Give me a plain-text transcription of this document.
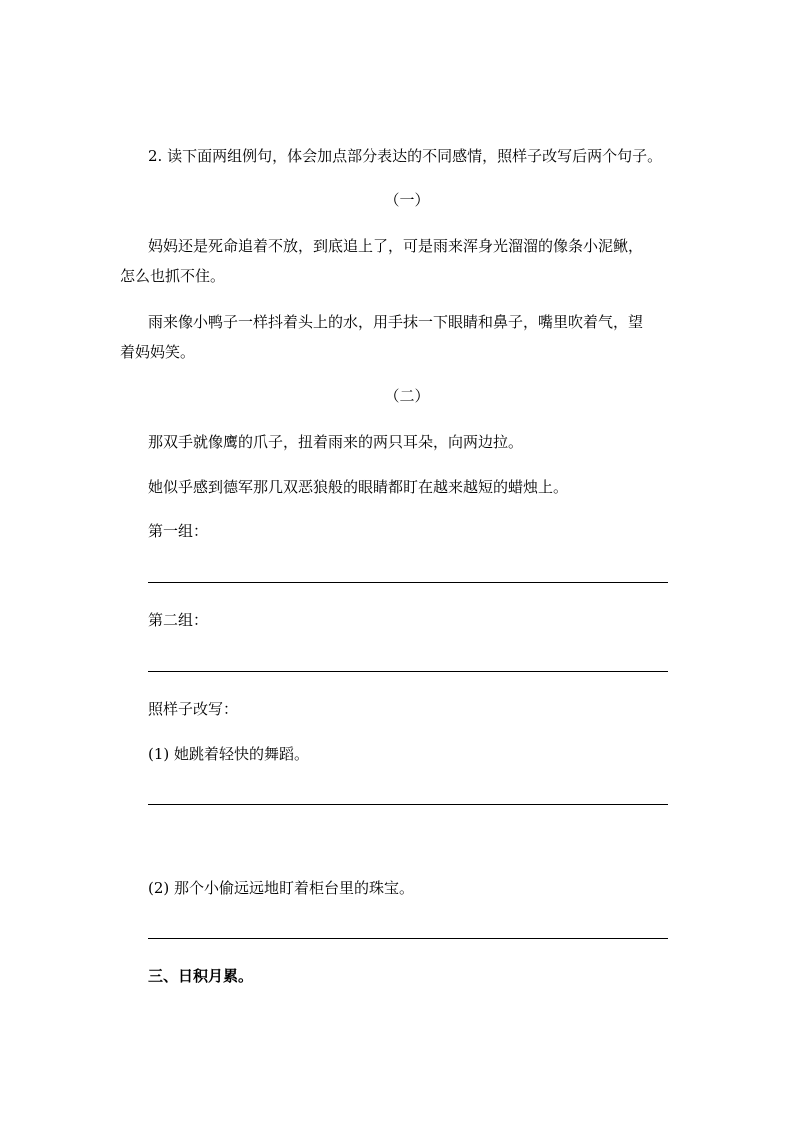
2. 读下面两组例句，体会加点部分表达的不同感情，照样子改写后两个句子。

（一）

妈妈还是死命追着不放，到底追上了，可是雨来浑身光溜溜的像条小泥鳅，

怎么也抓不住。

雨来像小鸭子一样抖着头上的水，用手抹一下眼睛和鼻子，嘴里吹着气，望

着妈妈笑。

（二）

那双手就像鹰的爪子，扭着雨来的两只耳朵，向两边拉。

她似乎感到德军那几双恶狼般的眼睛都盯在越来越短的蜡烛上。

第一组：

第二组：

照样子改写：

(1) 她跳着轻快的舞蹈。

(2) 那个小偷远远地盯着柜台里的珠宝。

三、日积月累。
